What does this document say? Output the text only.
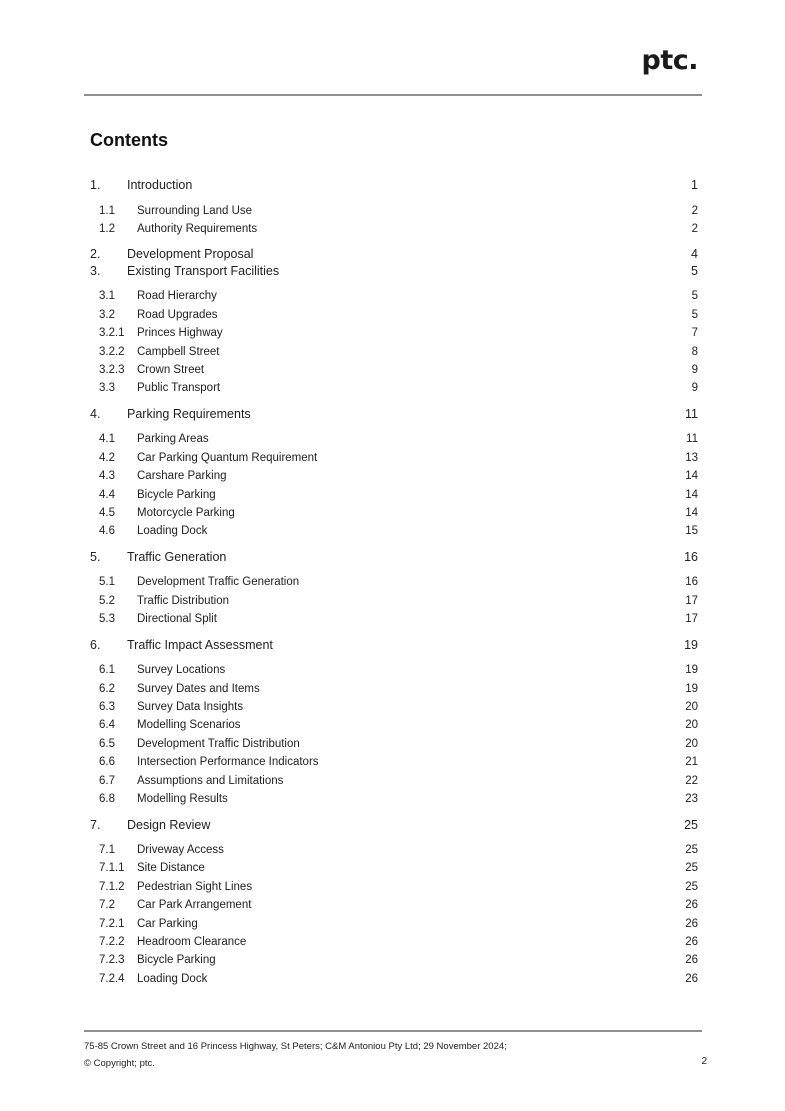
ptc.
Contents
1. Introduction	1
1.1 Surrounding Land Use	2
1.2 Authority Requirements	2
2. Development Proposal	4
3. Existing Transport Facilities	5
3.1 Road Hierarchy	5
3.2 Road Upgrades	5
3.2.1 Princes Highway	7
3.2.2 Campbell Street	8
3.2.3 Crown Street	9
3.3 Public Transport	9
4. Parking Requirements	11
4.1 Parking Areas	11
4.2 Car Parking Quantum Requirement	13
4.3 Carshare Parking	14
4.4 Bicycle Parking	14
4.5 Motorcycle Parking	14
4.6 Loading Dock	15
5. Traffic Generation	16
5.1 Development Traffic Generation	16
5.2 Traffic Distribution	17
5.3 Directional Split	17
6. Traffic Impact Assessment	19
6.1 Survey Locations	19
6.2 Survey Dates and Items	19
6.3 Survey Data Insights	20
6.4 Modelling Scenarios	20
6.5 Development Traffic Distribution	20
6.6 Intersection Performance Indicators	21
6.7 Assumptions and Limitations	22
6.8 Modelling Results	23
7. Design Review	25
7.1 Driveway Access	25
7.1.1 Site Distance	25
7.1.2 Pedestrian Sight Lines	25
7.2 Car Park Arrangement	26
7.2.1 Car Parking	26
7.2.2 Headroom Clearance	26
7.2.3 Bicycle Parking	26
7.2.4 Loading Dock	26
75-85 Crown Street and 16 Princess Highway, St Peters; C&M Antoniou Pty Ltd; 29 November 2024;
© Copyright; ptc.	2
